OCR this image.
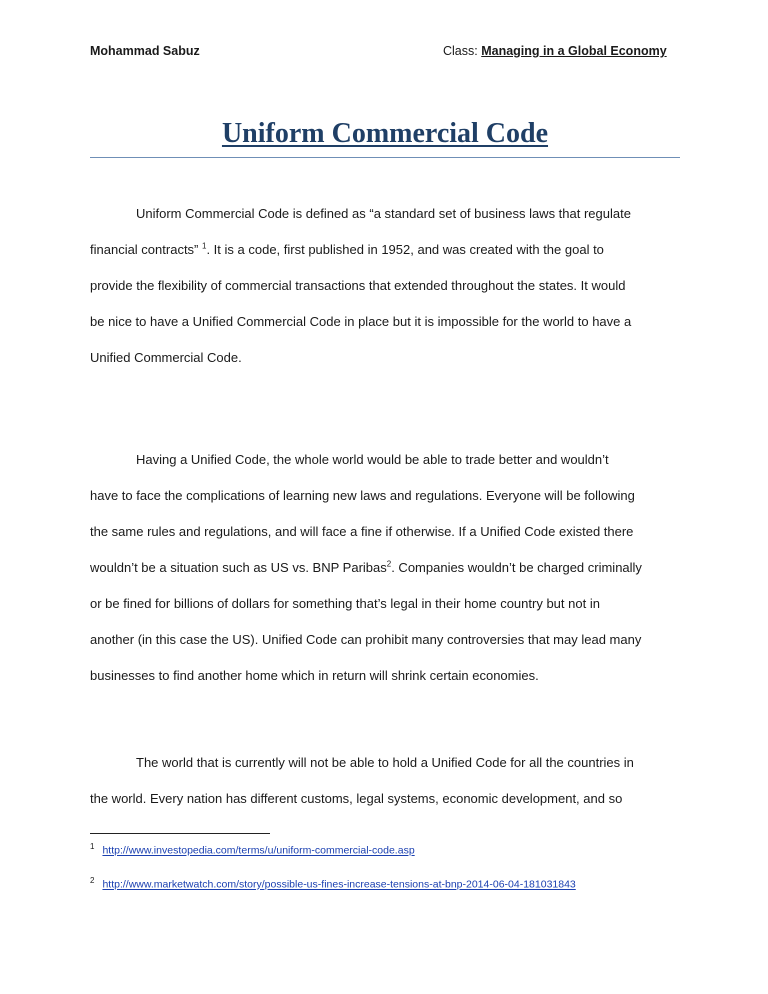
Mohammad Sabuz	Class: Managing in a Global Economy
Uniform Commercial Code

Uniform Commercial Code is defined as “a standard set of business laws that regulate
financial contracts” $^1$. It is a code, first published in 1952, and was created with the goal to
provide the flexibility of commercial transactions that extended throughout the states. It would
be nice to have a Unified Commercial Code in place but it is impossible for the world to have a
Unified Commercial Code.

Having a Unified Code, the whole world would be able to trade better and wouldn’t
have to face the complications of learning new laws and regulations. Everyone will be following
the same rules and regulations, and will face a fine if otherwise. If a Unified Code existed there
wouldn’t be a situation such as US vs. BNP Paribas$^2$. Companies wouldn’t be charged criminally
or be fined for billions of dollars for something that’s legal in their home country but not in
another (in this case the US). Unified Code can prohibit many controversies that may lead many
businesses to find another home which in return will shrink certain economies.

The world that is currently will not be able to hold a Unified Code for all the countries in
the world. Every nation has different customs, legal systems, economic development, and so

$^1$ http://www.investopedia.com/terms/u/uniform-commercial-code.asp
$^2$ http://www.marketwatch.com/story/possible-us-fines-increase-tensions-at-bnp-2014-06-04-181031843
